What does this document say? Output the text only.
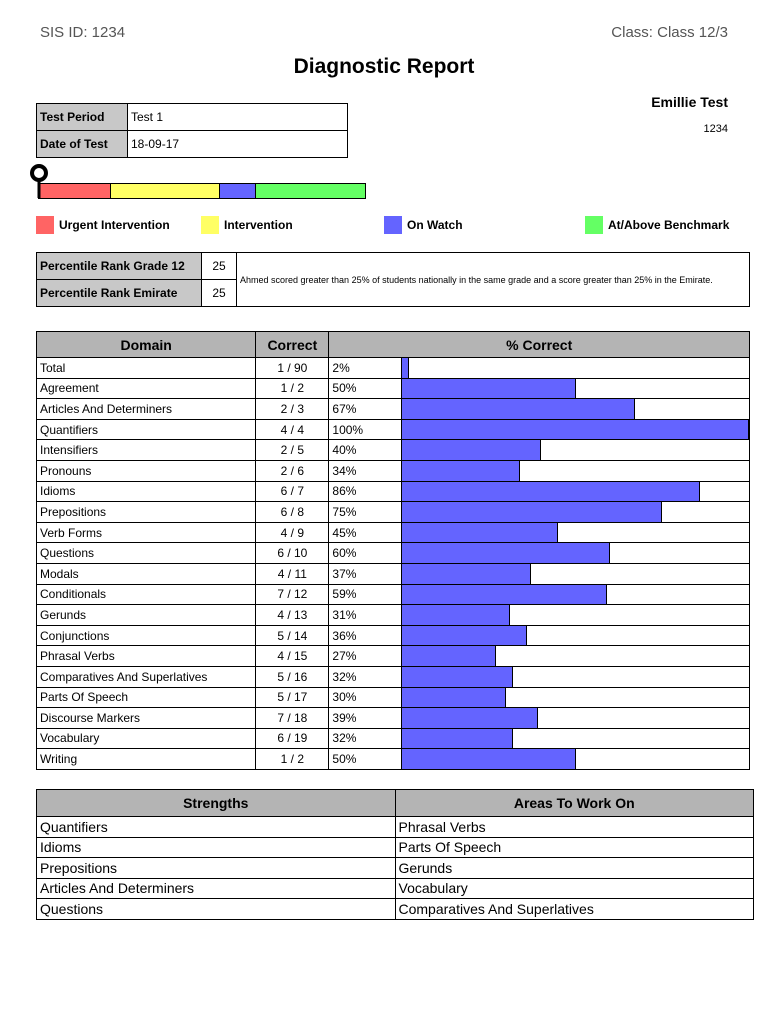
SIS ID: 1234	Class: Class 12/3
Diagnostic Report
Emillie Test
1234
Test Period	Test 1
Date of Test	18-09-17
Urgent Intervention	Intervention	On Watch	At/Above Benchmark
Percentile Rank Grade 12	25	Ahmed scored greater than 25% of students nationally in the same grade and a score greater than 25% in the Emirate.
Percentile Rank Emirate	25	
Domain	Correct	% Correct	
Total	1 / 90	2%	

Agreement	1 / 2	50%	

Articles And Determiners	2 / 3	67%	

Quantifiers	4 / 4	100%	

Intensifiers	2 / 5	40%	

Pronouns	2 / 6	34%	

Idioms	6 / 7	86%	

Prepositions	6 / 8	75%	

Verb Forms	4 / 9	45%	

Questions	6 / 10	60%	

Modals	4 / 11	37%	

Conditionals	7 / 12	59%	

Gerunds	4 / 13	31%	

Conjunctions	5 / 14	36%	

Phrasal Verbs	4 / 15	27%	

Comparatives And Superlatives	5 / 16	32%	

Parts Of Speech	5 / 17	30%	

Discourse Markers	7 / 18	39%	

Vocabulary	6 / 19	32%	

Writing	1 / 2	50%	
Strengths	Areas To Work On
Quantifiers	Phrasal Verbs
Idioms	Parts Of Speech
Prepositions	Gerunds
Articles And Determiners	Vocabulary
Questions	Comparatives And Superlatives
